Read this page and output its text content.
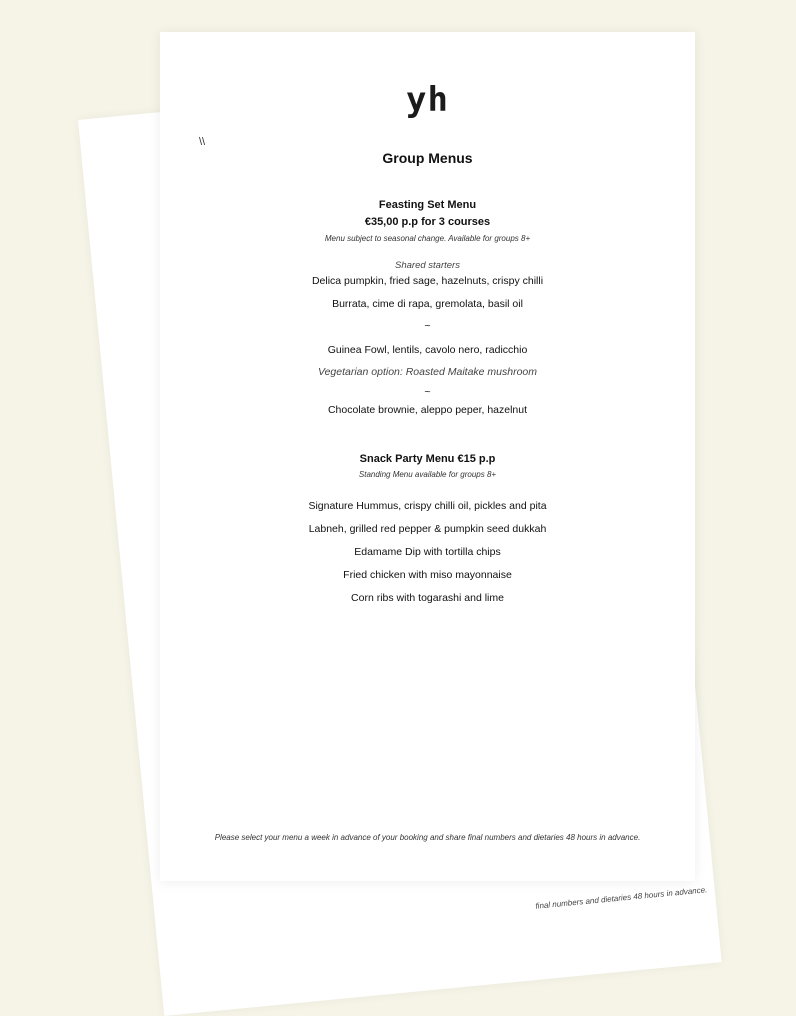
final numbers and dietaries 48 hours in advance.
yh
\\
Group Menus
Feasting Set Menu
€35,00 p.p for 3 courses
Menu subject to seasonal change. Available for groups 8+
Shared starters
Delica pumpkin, fried sage, hazelnuts, crispy chilli
Burrata, cime di rapa, gremolata, basil oil
~
Guinea Fowl, lentils, cavolo nero, radicchio
Vegetarian option: Roasted Maitake mushroom
~
Chocolate brownie, aleppo peper, hazelnut
Snack Party Menu €15 p.p
Standing Menu available for groups 8+
Signature Hummus, crispy chilli oil, pickles and pita
Labneh, grilled red pepper & pumpkin seed dukkah
Edamame Dip with tortilla chips
Fried chicken with miso mayonnaise
Corn ribs with togarashi and lime
Please select your menu a week in advance of your booking and share final numbers and dietaries 48 hours in advance.
